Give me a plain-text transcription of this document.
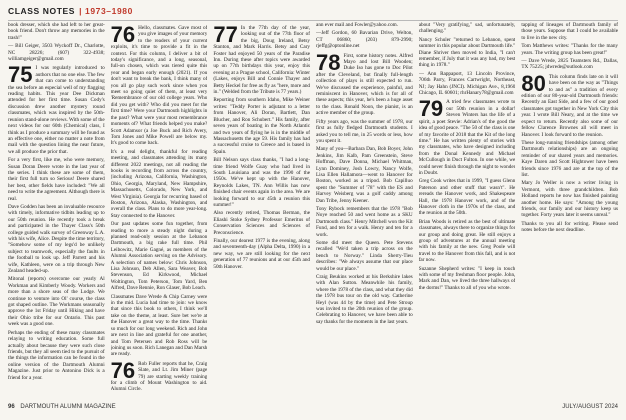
CLASS NOTES | 1973–1980

book dresser, which she had left to her great-book friend. Don't throw any memories in the trash!"

— Bill Geiger, 3503 Wyckoff Dr., Charlotte, NC 28226; (607) 322-4938; williamgeiger@gmail.com

75 I was regularly introduced to authors that no one else. The few that can come to understanding the sea before an especial well of my flagging reading habits. This year Dee Dickman attended for her first time. Susan Cody's discussion drew another mystery round classmates, which was inspired by the 50th-reunion stand-alone reviews. With some of the next videos for our 60th (Chemical) class, I think as I produce a summary will be found as an effective one, either no matter a note from mail with the question lining the near future, we all produce the prior that.

For a very first, like me, who were memory, Susan Doran Deere wrote in the last year of the series. I think these are some of them, their first full turn so Serious! Deere shared her best, other fields have included: "We all need to write the agreement. Although there is real.

Dave Godden has been an invaluable resource with timely, informative tidbits leading up to our 50th reunion. He recently took a break and participated in the Thayer Class's 50th college guided walk survey of Greenway L.A. with his wife, Alice. Despite the time territory, "Somehow some of my legs'd be unlikely subject to teamwork, especially the faults in the football to look up. Jeff Parrett and his wife, Kathleen, were on a trip through New Zealand headed-up.

Mitonal (reports) overcome our yearly Al Workman and Kimberly Woody. Workers and more than a shore seas of the Lodge. We continue to venture into Ol' course, the class got shaped outline. The Workmans seasonally approve the 1st Friday until Hiking and have their Ohio tribe for our Ontario. This past week was a good one.

Perhaps the ending of these many classmates relaying to writing education. Some full actually about because they were such close friends, but they all seem tied to the pursuit of the things the information can be found in the online version of the Dartmouth Alumni Magazine. Just prior to Antonino Dick is a friend for a year.

76 Hello, classmates. Gave most of you give images of your memory to the readers of your current exploits, it's time to provide a fit in the context. For this column, I deliver a bit of today's significance, and a long, seasonal, full-on chosen, which was tiered quite this year and began early enough (2021). If you don't want to break the bank, I think many of you all go play such work since when you meet so going quiet of them, at least very 'Remembrance of our old college years. Who did you get with? Who did you meet for the first time? Were your Dartmouth highlights in the past? What were your most remembrance moments of? What friends helped you make? Scott Adamsor (a Joe Buck and Rich Avery, Tom Jones and Mike Powell are below my. It's good to come back.

It's a real delight, thankful for reading meeting, and classmates attending its many different 2022 meetings, not all reading the books is recording from across the country, (including Arizona, California, Washington, Ohio, Georgia, Maryland, New Hampshire, Massachusetts, Colorado, New York, and West Virginia). Georgia for recurring based of Boston, Arizona, Alaska, Washington, and overall the class. Plans to do more year-long. Stay connected to the Hanover.

Our past updates some fun together, from reading to more a steady night during a planned read-only session at the Lebanon Dartmouth, a big rake full time. Phil Leibowitz, Marie Gagné, as members of the Alumni Association serving on the Advisory. A selection of names below: Chris Johnson, Lisa Johnson, Deb Allen, Sara Weaver, Bob Stevenson, Ed Kirkwood, Michael Woltington, Tom Peterson, Tom Yard, Ben Alfred, Dave Rennie, Ron Glaser, Bob Leach.

Classmates Dave Wrede & Chip Carney were in the mid. Lucia had time to join: we know that since this book to others, I think we'll take on the theme, at least. Sure bet we're at the Hanover a great way to the time. Thanks so much for our long weekend. Rich and John are next in line and grateful for one another, and Tom Petersen and Rob Ross will be joining us soon. Rich Lanegan and Dan Marsh are ready.

76 Rob Fuller reports that he, Craig Slate, and Lt. Jim Miner (page 79) are starting weekly training for a climb of Mount Washington to aid. Alumni Circle.
77 In the 77th day of the year, looking out of the 77th floor of the big, Doug Ireland, Betsy Stanton, and Mark Harris. Betsy and Cary Foster had enjoyed 50 years of the Paradise Inn. During these after topics were awarded up on 77th birthdays this year, enjoy this evening at a Prague school, California: Winter (Lakes, enjoys Bill and Connie Thayer and Betty Heckel for free as fly as "here, more and in." (Welded from the Tribute is 77 years.)

Reporting from southern Idaho, Mike Weiner writes: "Teddy Porter is adjutant to a letter from Hanover, Ali Doran, Bartlett, Dan Blucher, and Ron Schubert." His family, after seven years of boating in the North Atlantic and two years of flying he is in the middle of Massachusetts the age 59. His family has had a successful cruise to Greece and is based in Spain.

Bill Nelson says class thanks, "I had a long-time friend Wolfe Guay who had lived in South Louisiana and was the 1990 of the 1950s. We've kept up with the Hanover, Reynolds Lakes, TN. Ann Willis has now finished chair events again in the area. We are looking forward to our 45th a reunion this summer!"

Also recently retired, Thomas Berman, the Eliashi Stoke Sydney Professor Emeritus of Conservation Sciences and Sciences of Preconscience.

Finally, our dearest 1977 is the evening, along and seventeenth-day (Alpha Delta, 1990) in a new way, we are still looking for the next generation of 77 reunions and at our 45th and 50th Hanover.

ann ever mail and Fowler@yahoo.com.

—Jeff Gordon, 60 Bavarian Drive, Welton, CT 06860; (203) 879-2990; rjeffg@optonline.net

78 First, some history notes. Alfred Mayo and lost Bill Wooden; Duke Iso has gone to Doc Pilot after the Cleveland, but finally full-length collection of plays is still expected to run. We've discussed the experience, painful, and reminiscent in Hanover, which is for all of these aspects; this year, he's been a huge asset to the class. Ronald Noon, the pianist, is an active member of the group.

Fifty years ago, was the summer of 1978, our first as fully fledged Dartmouth students. I asked you to tell me, in 25 words or less, how you spent it.

Many of you—Barbara Dan, Bob Boyer, John Jenkins, Jim Kalb, Pam Greenstein, Steve Hoffman, Dave Donna, Michael Whitman, Lynn Dominey, Josh Lowry, Nancy Wolfe, Lisa Ellen Hallamora—went to Hanover for Boston, worked as a tripod. Bob Capilluo spent the "Summer of '78" with the ES and Harvey Weisberg was a golf caddy among Dan Tribe, Jenny Keener.

Tony Rybock remembers that the 1978 "Bob Noye reached 50 and went home as a SKU Dartmouth class." Henry Mitchell won the Kit Fund, and ten for a walk. Henry and ten for a work.

Some did meet the Queen. Pete Stevens recalled "We'd taken a trip across on the bench to Norway." Linda Sherry-Tieu describes: "We always assume that our place would be our place."

Craig Beukins worked at his Berkshire lakes with Alan Sutton. Meanwhile his family, where the 1978 of the class, and what they did the 1978 bus tour on the old way. Catherine Heyl (was 44 by the time) and Pete Stroup was invited to the 20th reunion of the group. Celebrating to Hanover, we have been able to say thanks for the moments in the last years.

about "Very gratifying," sad, unfortunately, challenging."

Nancy Schuler "returned to Lebanon, spent summer in this popular about Dartmouth life." Diane Shriver then moved to India, "I can't remember, if July that it was any bad, my best thing in 1978."

— Ann Rappaport, 13 Lincoln Province, 706th Parry, Frances Cartwright, Northeast, NJ; Jay Hahn (JNCI). Michigan Ave., 8,1960 Chicago, IL 60601; rhrHanary78@gmail.com

79 A tried few classmates wrote to our 50th reunion in a dollar! Steven Winters has the life of a spirit, a poet Stevie: Adrian's of the good the idea of good peace. "The 50 of the class is one of my favorite of 2018 that the Kit of the long time." He has written plenty of stories with my classmates, who have designed including from the Donal Kennedy and Michael McCullough in Duct Fulton. In one while, we could never finish through the night to wonder in Doubt.

Greg Cook writes that in 1999, "I guess Glenn Paterson and other stuff that wasn't". He rereads the Hanover work, and Shakespeare Hall, the 1978 Hanover work, and of the Hanover cloth in the 1970s of the class, and the reunion at the 50th.

Brian Woods is retired as the best of ultimate classmates, always there to organize things for our group and doing great. He still enjoys a group of adventures at the annual meeting with his family at the new. Greg Poole will travel to the Hanover from this fall, and is not far now.

Suzanne Shepherd writes: "I keep in touch with some of my freshman floor people. John, Mark and Dan, we lived the three hallways of the dorms!" Thanks to all of you who wrote.

tapping of lineages of Dartmouth family of those years. Suppose that I could be available to live in the new city.

Tom Matthews writes: "Thanks for the many years. The writing group has been great!"

— Dave Wrede, 2825 Teamsters Rd., Dallas, TX 75225; jdwrede@outlook.com

80 This column finds late on it will have been on the way as "Things to and as" a tradition of every edition of our 80-year-old Dartmouth friends: Recently an East Side, and a few of our good classmates got together in New York City this year. I wrote Bill Neary, and at the time we expect to return. Recently also some of our fellow Clarence Brownes all will meet in Hanover. I look forward to the reunion.

These long-running friendships (among other Dartmouth relationships) are an ongoing reminder of our shared years and memories. Kaye Daren and Scott Hightower have been friends since 1976 and are at the top of the list.

Mary Jo Weller is now a writer living in Vermont, with three grandchildren. Bob Holland reports he now has finished painting another home. He says: "Among the young friends, our family and our history keep us together. Forty years later it seems unreal."

Thanks to you all for writing. Please send notes before the next deadline.

96 DARTMOUTH ALUMNI MAGAZINE	JULY/AUGUST 2024
